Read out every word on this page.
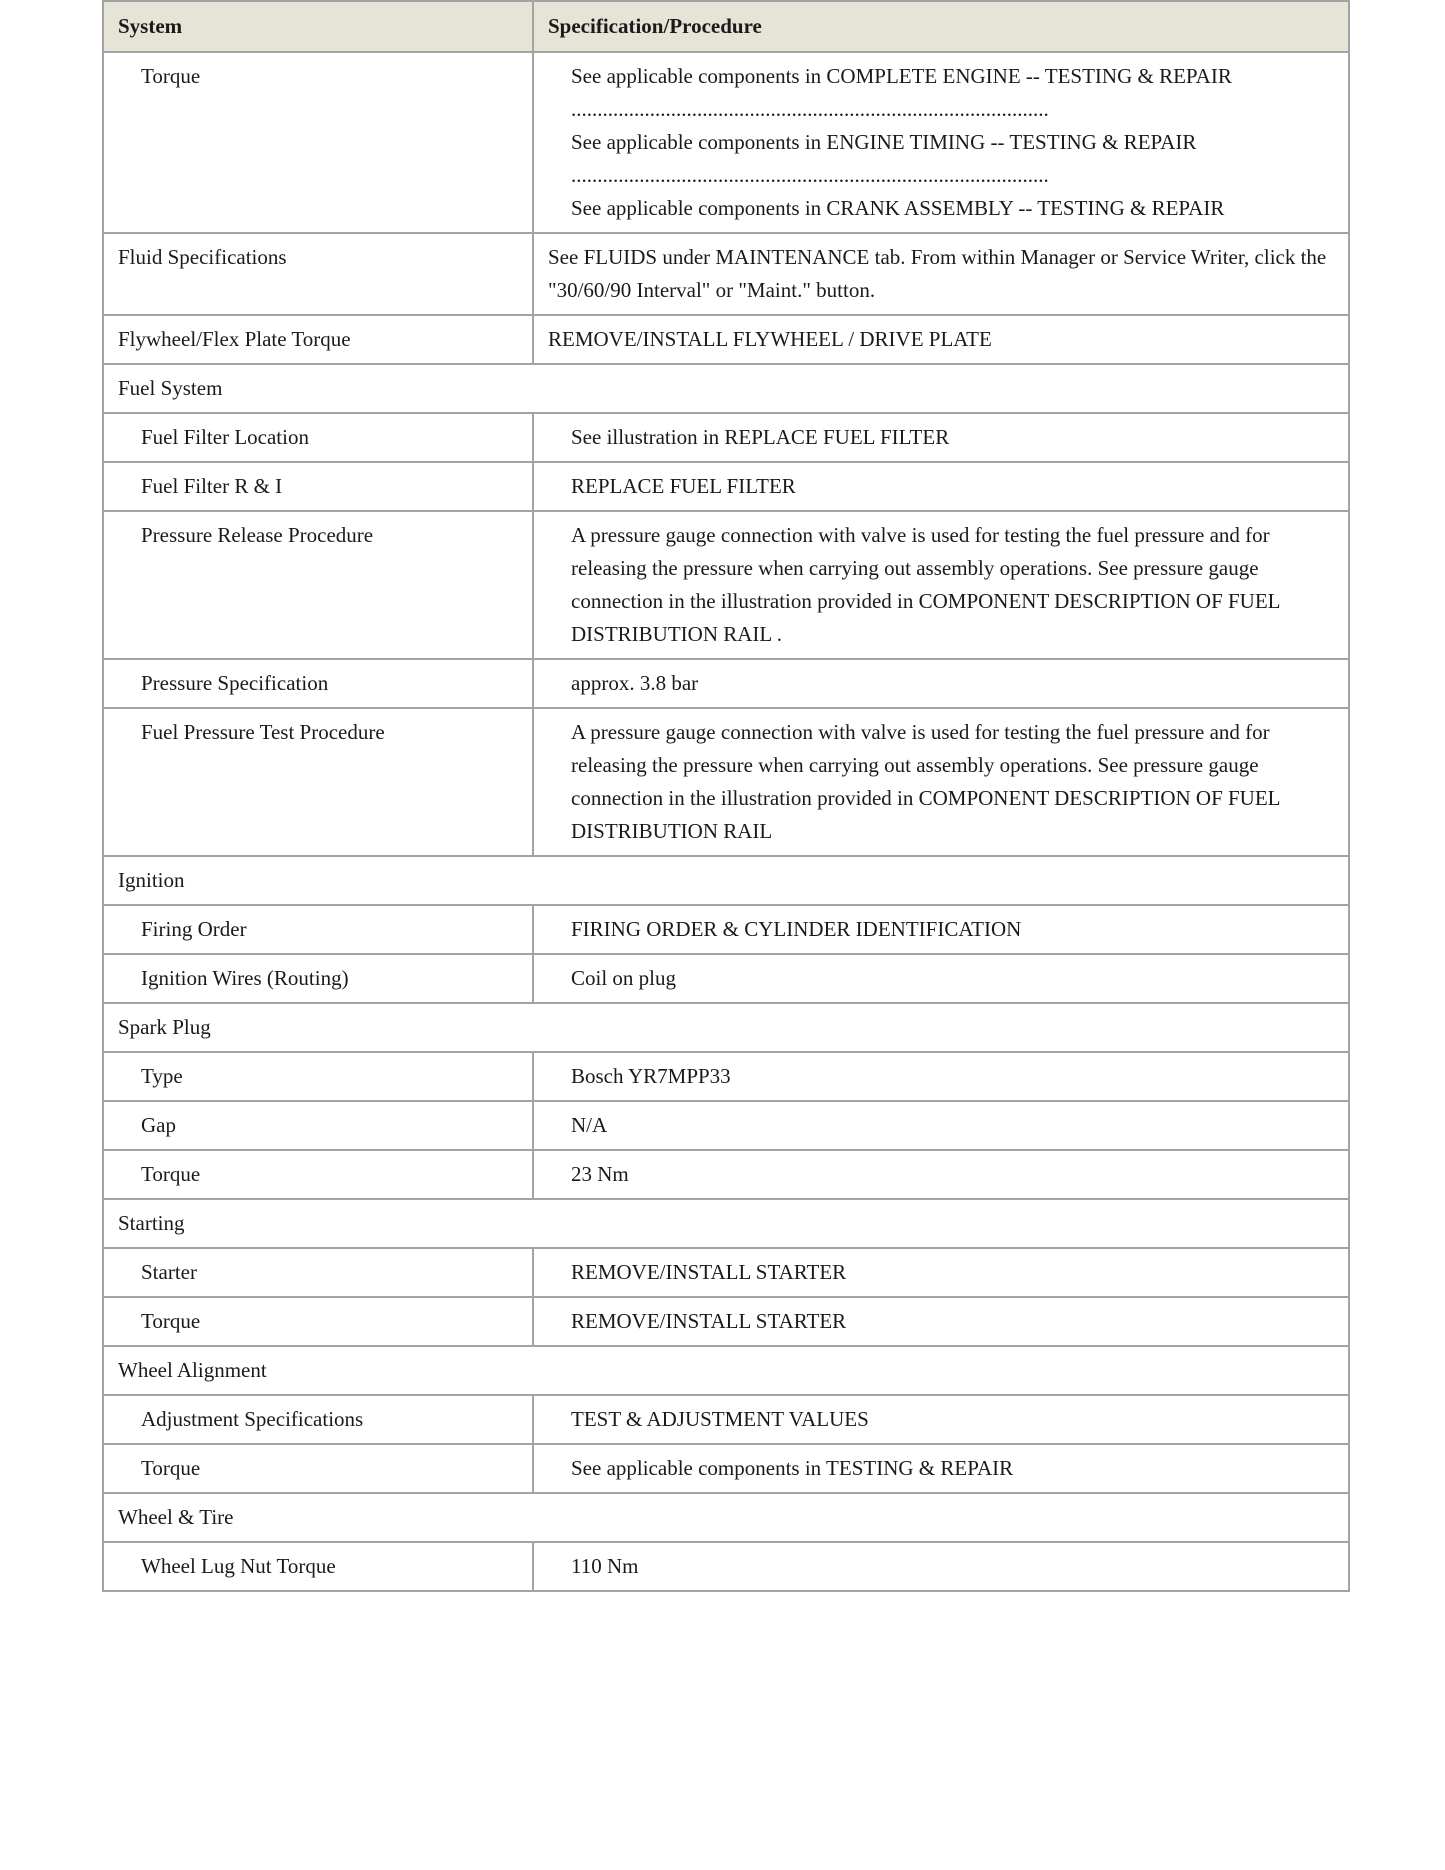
System	Specification/Procedure
Torque	See applicable components in COMPLETE ENGINE -- TESTING & REPAIR
...........................................................................................
See applicable components in ENGINE TIMING -- TESTING & REPAIR
...........................................................................................
See applicable components in CRANK ASSEMBLY -- TESTING & REPAIR

Fluid Specifications	See FLUIDS under MAINTENANCE tab. From within Manager or Service Writer, click the "30/60/90 Interval" or "Maint." button.

Flywheel/Flex Plate Torque	REMOVE/INSTALL FLYWHEEL / DRIVE PLATE

Fuel System	
Fuel Filter Location	See illustration in REPLACE FUEL FILTER

Fuel Filter R & I	REPLACE FUEL FILTER

Pressure Release Procedure	A pressure gauge connection with valve is used for testing the fuel pressure and for releasing the pressure when carrying out assembly operations. See pressure gauge connection in the illustration provided in COMPONENT DESCRIPTION OF FUEL DISTRIBUTION RAIL .

Pressure Specification	approx. 3.8 bar

Fuel Pressure Test Procedure	A pressure gauge connection with valve is used for testing the fuel pressure and for releasing the pressure when carrying out assembly operations. See pressure gauge connection in the illustration provided in COMPONENT DESCRIPTION OF FUEL DISTRIBUTION RAIL

Ignition	
Firing Order	FIRING ORDER & CYLINDER IDENTIFICATION

Ignition Wires (Routing)	Coil on plug

Spark Plug	
Type	Bosch YR7MPP33

Gap	N/A

Torque	23 Nm

Starting	
Starter	REMOVE/INSTALL STARTER

Torque	REMOVE/INSTALL STARTER

Wheel Alignment	
Adjustment Specifications	TEST & ADJUSTMENT VALUES

Torque	See applicable components in TESTING & REPAIR

Wheel & Tire	
Wheel Lug Nut Torque	110 Nm
